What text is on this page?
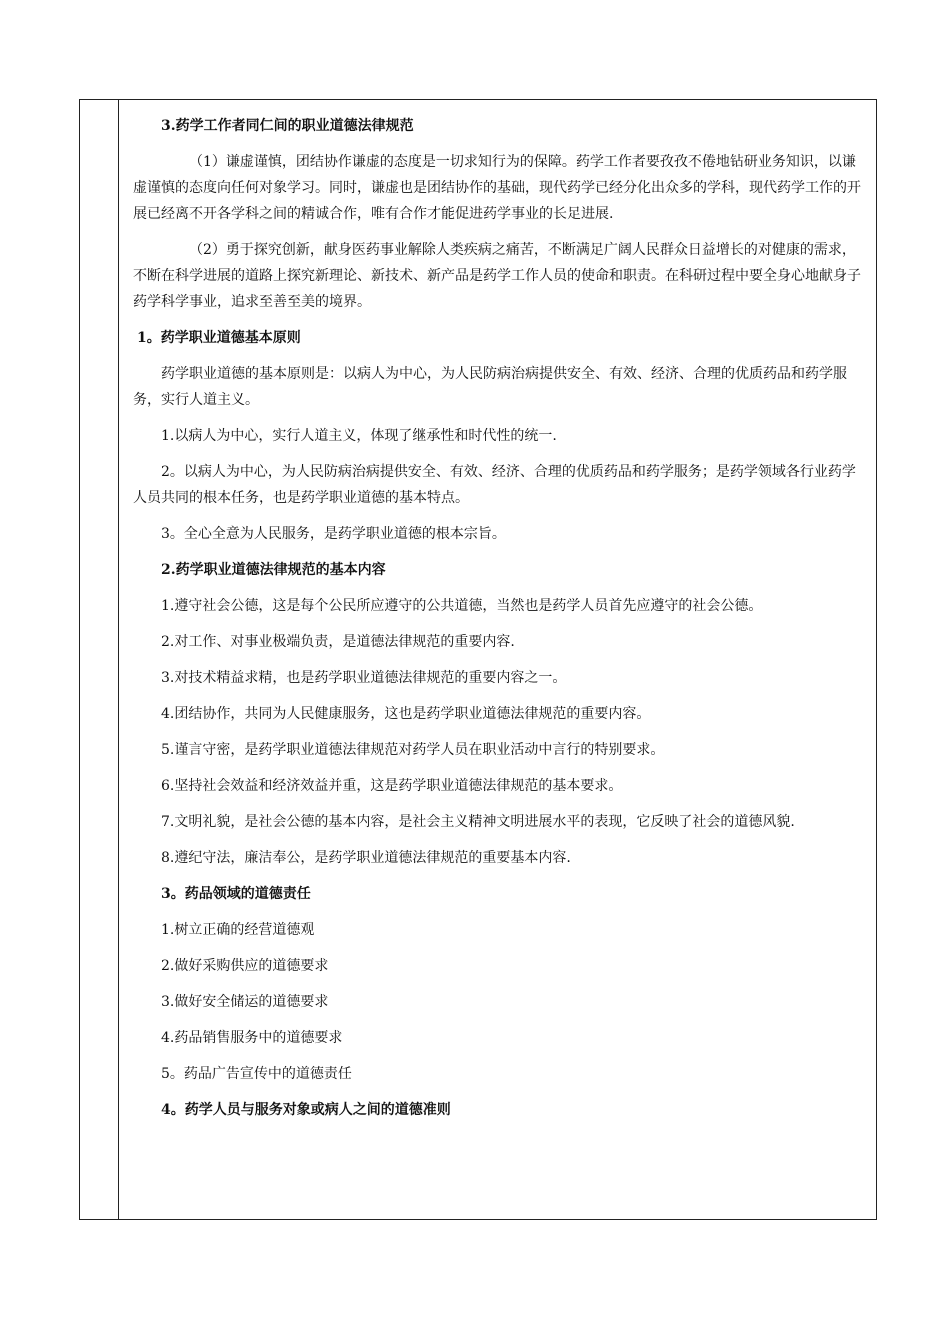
3.药学工作者同仁间的职业道德法律规范

（1）谦虚谨慎，团结协作谦虚的态度是一切求知行为的保障。药学工作者要孜孜不倦地钻研业务知识，以谦虚谨慎的态度向任何对象学习。同时，谦虚也是团结协作的基础，现代药学已经分化出众多的学科，现代药学工作的开展已经离不开各学科之间的精诚合作，唯有合作才能促进药学事业的长足进展.

（2）勇于探究创新，献身医药事业解除人类疾病之痛苦，不断满足广阔人民群众日益增长的对健康的需求，不断在科学进展的道路上探究新理论、新技术、新产品是药学工作人员的使命和职责。在科研过程中要全身心地献身子药学科学事业，追求至善至美的境界。

1。药学职业道德基本原则

药学职业道德的基本原则是：以病人为中心，为人民防病治病提供安全、有效、经济、合理的优质药品和药学服务，实行人道主义。

1.以病人为中心，实行人道主义，体现了继承性和时代性的统一.

2。以病人为中心，为人民防病治病提供安全、有效、经济、合理的优质药品和药学服务；是药学领域各行业药学人员共同的根本任务，也是药学职业道德的基本特点。

3。全心全意为人民服务，是药学职业道德的根本宗旨。

2.药学职业道德法律规范的基本内容

1.遵守社会公德，这是每个公民所应遵守的公共道德，当然也是药学人员首先应遵守的社会公德。

2.对工作、对事业极端负责，是道德法律规范的重要内容.

3.对技术精益求精，也是药学职业道德法律规范的重要内容之一。

4.团结协作，共同为人民健康服务，这也是药学职业道德法律规范的重要内容。

5.谨言守密，是药学职业道德法律规范对药学人员在职业活动中言行的特别要求。

6.坚持社会效益和经济效益并重，这是药学职业道德法律规范的基本要求。

7.文明礼貌，是社会公德的基本内容，是社会主义精神文明进展水平的表现，它反映了社会的道德风貌.

8.遵纪守法，廉洁奉公，是药学职业道德法律规范的重要基本内容.

3。药品领域的道德责任

1.树立正确的经营道德观

2.做好采购供应的道德要求

3.做好安全储运的道德要求

4.药品销售服务中的道德要求

5。药品广告宣传中的道德责任

4。药学人员与服务对象或病人之间的道德准则
